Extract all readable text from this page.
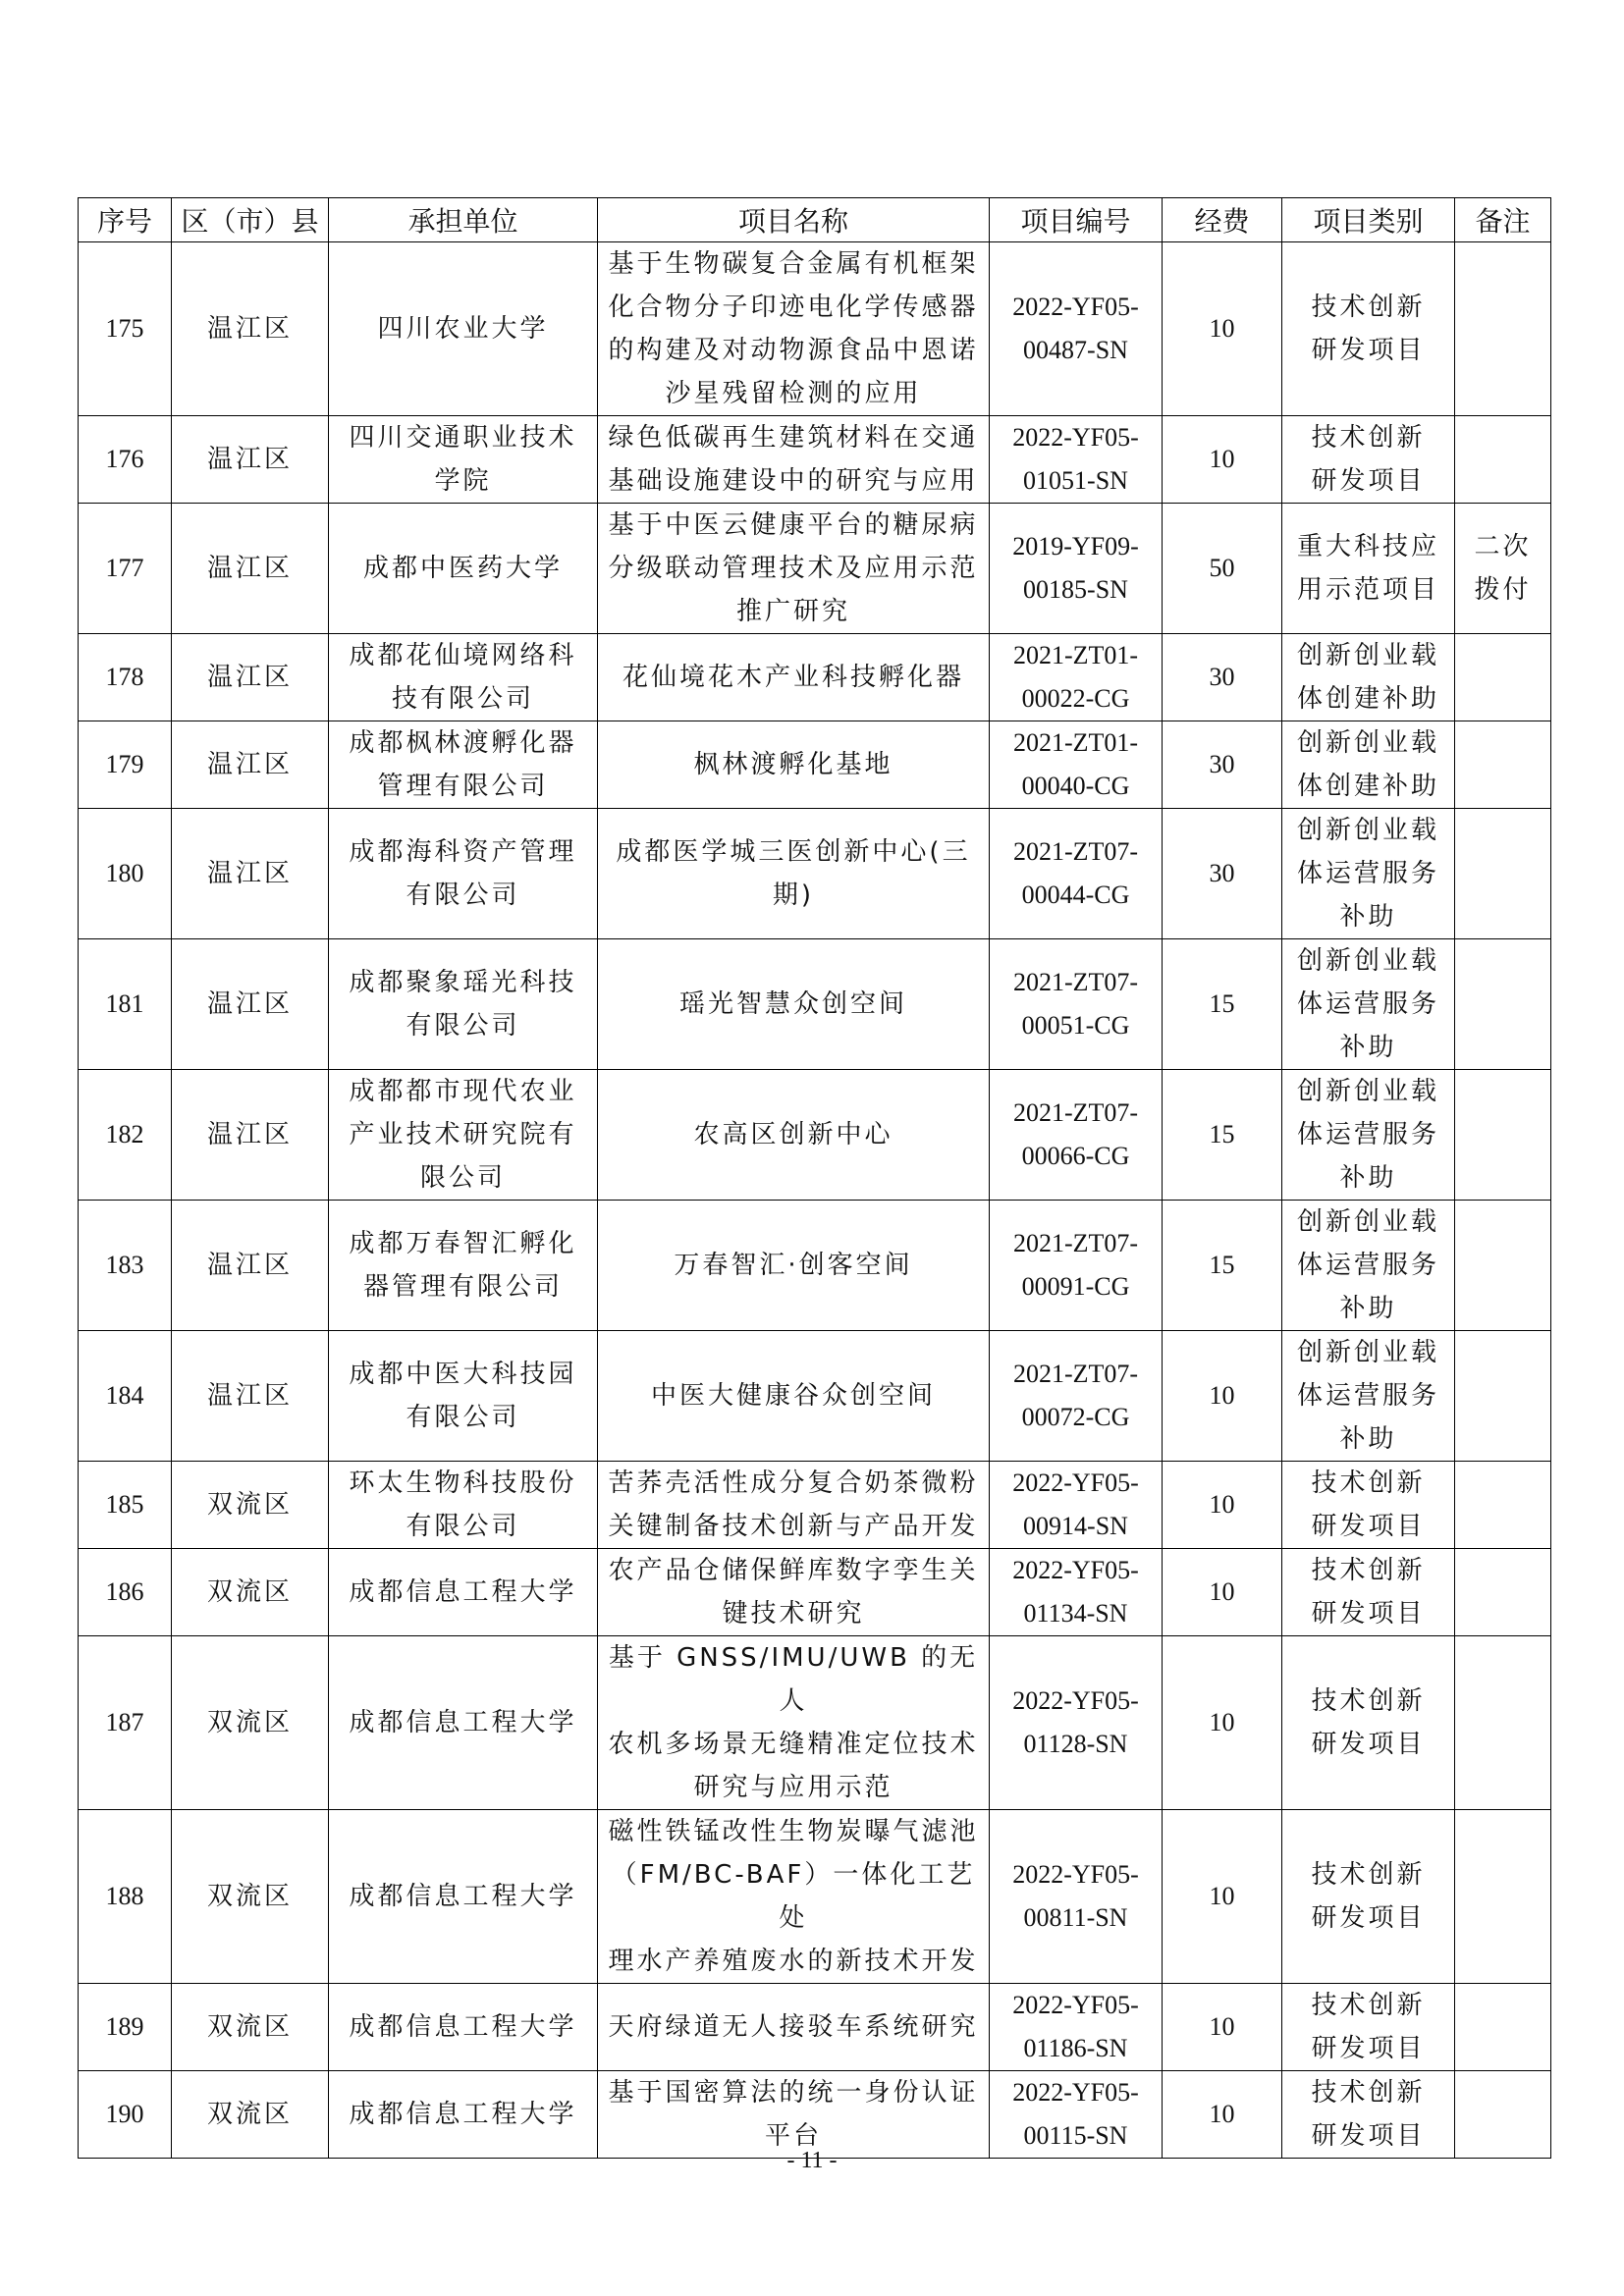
序号	区（市）县	承担单位	项目名称	项目编号	经费	项目类别	备注
175	温江区	四川农业大学	基于生物碳复合金属有机框架
化合物分子印迹电化学传感器
的构建及对动物源食品中恩诺
沙星残留检测的应用	2022-YF05-
00487-SN	10	技术创新
研发项目	
176	温江区	四川交通职业技术
学院	绿色低碳再生建筑材料在交通
基础设施建设中的研究与应用	2022-YF05-
01051-SN	10	技术创新
研发项目	
177	温江区	成都中医药大学	基于中医云健康平台的糖尿病
分级联动管理技术及应用示范
推广研究	2019-YF09-
00185-SN	50	重大科技应
用示范项目	二次
拨付
178	温江区	成都花仙境网络科
技有限公司	花仙境花木产业科技孵化器	2021-ZT01-
00022-CG	30	创新创业载
体创建补助	
179	温江区	成都枫林渡孵化器
管理有限公司	枫林渡孵化基地	2021-ZT01-
00040-CG	30	创新创业载
体创建补助	
180	温江区	成都海科资产管理
有限公司	成都医学城三医创新中心(三
期)	2021-ZT07-
00044-CG	30	创新创业载
体运营服务
补助	
181	温江区	成都聚象瑶光科技
有限公司	瑶光智慧众创空间	2021-ZT07-
00051-CG	15	创新创业载
体运营服务
补助	
182	温江区	成都都市现代农业
产业技术研究院有
限公司	农高区创新中心	2021-ZT07-
00066-CG	15	创新创业载
体运营服务
补助	
183	温江区	成都万春智汇孵化
器管理有限公司	万春智汇·创客空间	2021-ZT07-
00091-CG	15	创新创业载
体运营服务
补助	
184	温江区	成都中医大科技园
有限公司	中医大健康谷众创空间	2021-ZT07-
00072-CG	10	创新创业载
体运营服务
补助	
185	双流区	环太生物科技股份
有限公司	苦荞壳活性成分复合奶茶微粉
关键制备技术创新与产品开发	2022-YF05-
00914-SN	10	技术创新
研发项目	
186	双流区	成都信息工程大学	农产品仓储保鲜库数字孪生关
键技术研究	2022-YF05-
01134-SN	10	技术创新
研发项目	
187	双流区	成都信息工程大学	基于 GNSS/IMU/UWB 的无人
农机多场景无缝精准定位技术
研究与应用示范	2022-YF05-
01128-SN	10	技术创新
研发项目	
188	双流区	成都信息工程大学	磁性铁锰改性生物炭曝气滤池
（FM/BC-BAF）一体化工艺处
理水产养殖废水的新技术开发	2022-YF05-
00811-SN	10	技术创新
研发项目	
189	双流区	成都信息工程大学	天府绿道无人接驳车系统研究	2022-YF05-
01186-SN	10	技术创新
研发项目	
190	双流区	成都信息工程大学	基于国密算法的统一身份认证
平台	2022-YF05-
00115-SN	10	技术创新
研发项目	
- 11 -
